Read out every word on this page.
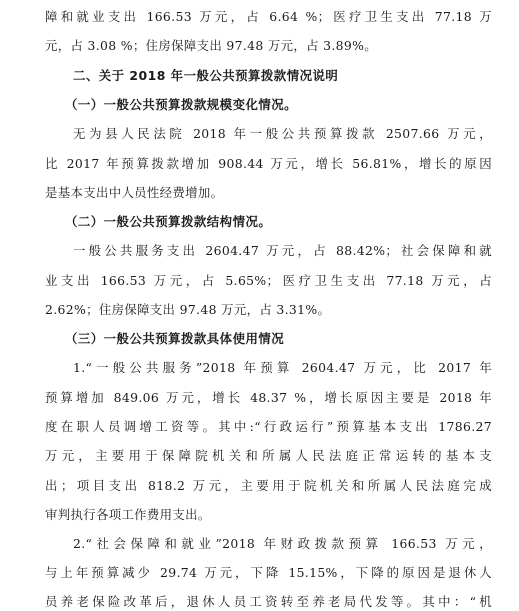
障和就业支出 166.53 万元，占 6.64 %；医疗卫生支出 77.18 万
元，占 3.08 %；住房保障支出 97.48 万元，占 3.89%。
二、关于 2018 年一般公共预算拨款情况说明
（一）一般公共预算拨款规模变化情况。
无为县人民法院 2018 年一般公共预算拨款 2507.66 万元，
比 2017 年预算拨款增加 908.44 万元，增长 56.81%，增长的原因
是基本支出中人员性经费增加。
（二）一般公共预算拨款结构情况。
一般公共服务支出 2604.47 万元，占 88.42%；社会保障和就
业支出 166.53 万元，占 5.65%；医疗卫生支出 77.18 万元，占
2.62%；住房保障支出 97.48 万元，占 3.31%。
（三）一般公共预算拨款具体使用情况
1.“一般公共服务”2018 年预算 2604.47 万元，比 2017 年
预算增加 849.06 万元，增长 48.37 %，增长原因主要是 2018 年
度在职人员调增工资等。其中:“行政运行”预算基本支出 1786.27
万元，主要用于保障院机关和所属人民法庭正常运转的基本支
出；项目支出 818.2 万元，主要用于院机关和所属人民法庭完成
审判执行各项工作费用支出。
2.“社会保障和就业”2018 年财政拨款预算 166.53 万元，
与上年预算减少 29.74 万元，下降 15.15%，下降的原因是退休人
员养老保险改革后，退休人员工资转至养老局代发等。其中：“机
